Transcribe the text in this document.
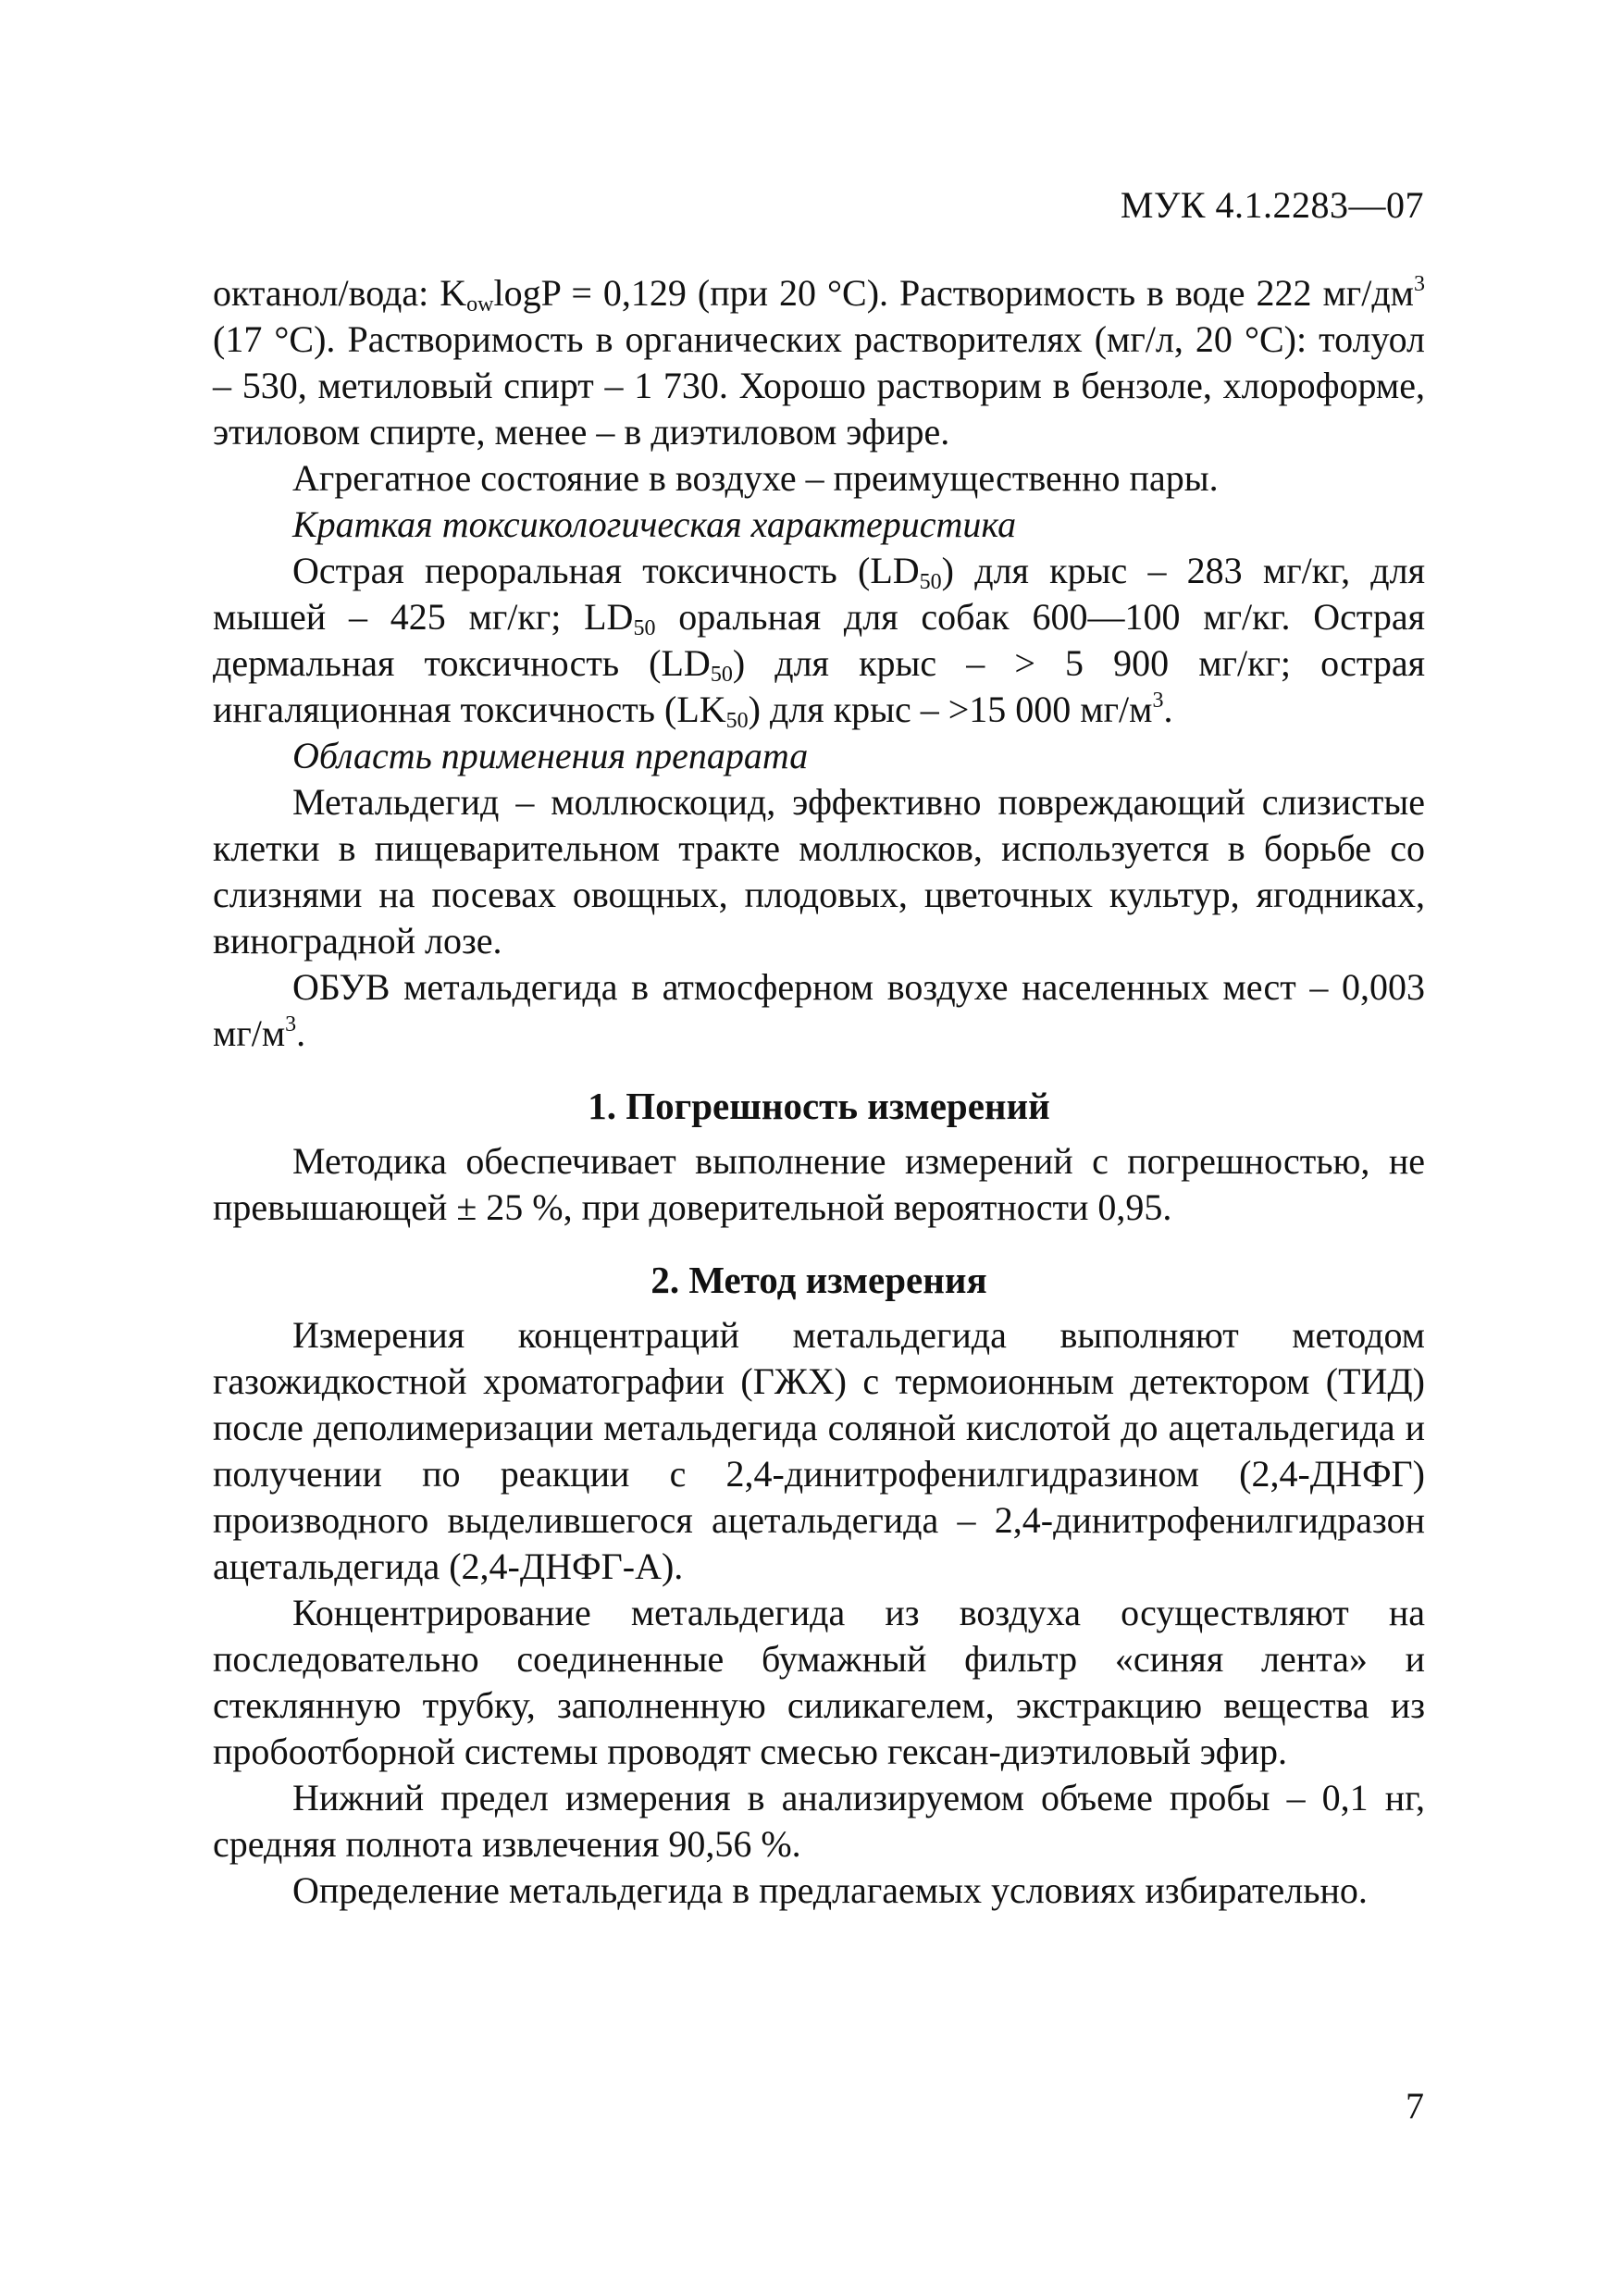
МУК 4.1.2283—07

октанол/вода: $K_{ow}\log P = 0,129$ (при 20 °С). Растворимость в воде 222 $мг/дм^3$ (17 °С). Растворимость в органических растворителях (мг/л, 20 °С): толуол – 530, метиловый спирт – 1 730. Хорошо растворим в бензоле, хлороформе, этиловом спирте, менее – в диэтиловом эфире.

Агрегатное состояние в воздухе – преимущественно пары.

Краткая токсикологическая характеристика

Острая пероральная токсичность $(LD_{50})$ для крыс – 283 мг/кг, для мышей – 425 мг/кг; $LD_{50}$ оральная для собак 600—100 мг/кг. Острая дермальная токсичность $(LD_{50})$ для крыс – > 5 900 мг/кг; острая ингаляционная токсичность $(LK_{50})$ для крыс – >15 000 $мг/м^3$.

Область применения препарата

Метальдегид – моллюскоцид, эффективно повреждающий слизистые клетки в пищеварительном тракте моллюсков, используется в борьбе со слизнями на посевах овощных, плодовых, цветочных культур, ягодниках, виноградной лозе.

ОБУВ метальдегида в атмосферном воздухе населенных мест – 0,003 $мг/м^3$.

1. Погрешность измерений

Методика обеспечивает выполнение измерений с погрешностью, не превышающей ± 25 %, при доверительной вероятности 0,95.

2. Метод измерения

Измерения концентраций метальдегида выполняют методом газожидкостной хроматографии (ГЖХ) с термоионным детектором (ТИД) после деполимеризации метальдегида соляной кислотой до ацетальдегида и получении по реакции с 2,4-динитрофенилгидразином (2,4-ДНФГ) производного выделившегося ацетальдегида – 2,4-динитрофенилгидразон ацетальдегида (2,4-ДНФГ-А).

Концентрирование метальдегида из воздуха осуществляют на последовательно соединенные бумажный фильтр «синяя лента» и стеклянную трубку, заполненную силикагелем, экстракцию вещества из пробоотборной системы проводят смесью гексан-диэтиловый эфир.

Нижний предел измерения в анализируемом объеме пробы – 0,1 нг, средняя полнота извлечения 90,56 %.

Определение метальдегида в предлагаемых условиях избирательно.

7
